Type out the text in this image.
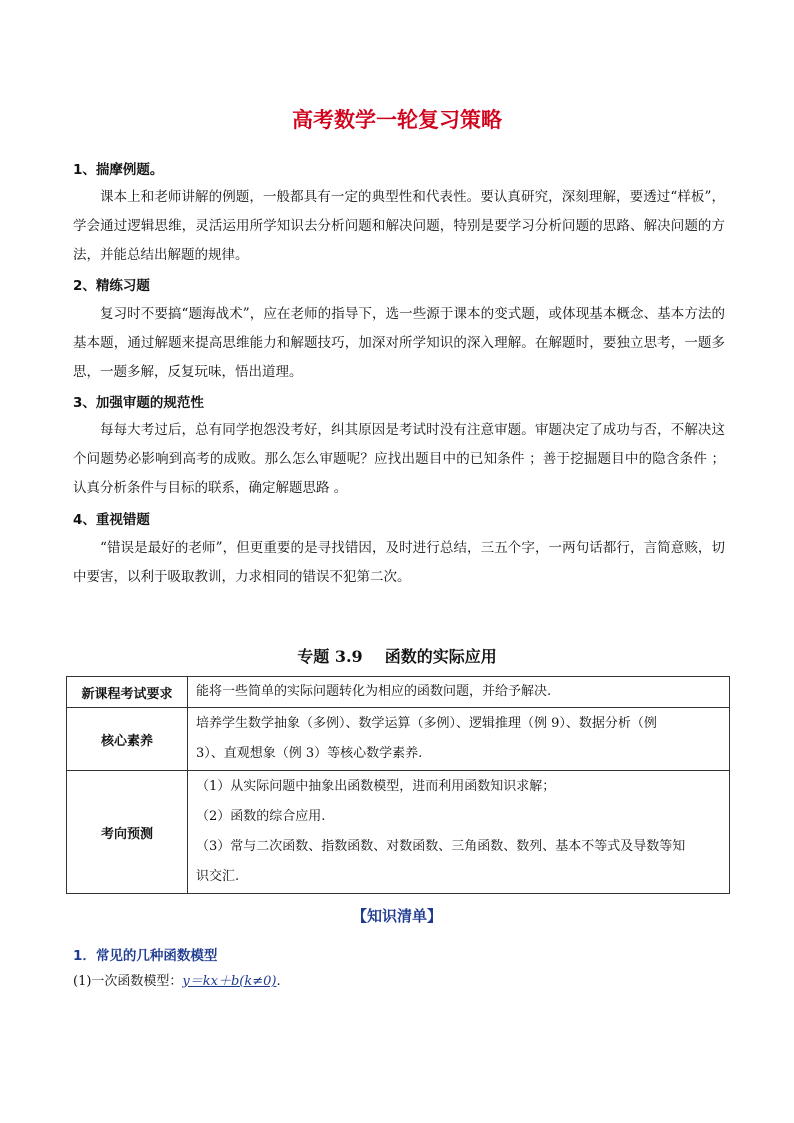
高考数学一轮复习策略
1、揣摩例题。
课本上和老师讲解的例题，一般都具有一定的典型性和代表性。要认真研究，深刻理解，要透过“样板”，学会通过逻辑思维，灵活运用所学知识去分析问题和解决问题，特别是要学习分析问题的思路、解决问题的方法，并能总结出解题的规律。
2、精练习题
复习时不要搞“题海战术”，应在老师的指导下，选一些源于课本的变式题，或体现基本概念、基本方法的基本题，通过解题来提高思维能力和解题技巧，加深对所学知识的深入理解。在解题时，要独立思考，一题多思，一题多解，反复玩味，悟出道理。
3、加强审题的规范性
每每大考过后，总有同学抱怨没考好，纠其原因是考试时没有注意审题。审题决定了成功与否，不解决这个问题势必影响到高考的成败。那么怎么审题呢？应找出题目中的已知条件 ；善于挖掘题目中的隐含条件 ；认真分析条件与目标的联系，确定解题思路 。
4、重视错题
“错误是最好的老师”，但更重要的是寻找错因，及时进行总结，三五个字，一两句话都行，言简意赅，切中要害，以利于吸取教训，力求相同的错误不犯第二次。
专题 3.9 函数的实际应用
新课程考试要求	能将一些简单的实际问题转化为相应的函数问题，并给予解决.

核心素养	培养学生数学抽象（多例）、数学运算（多例）、逻辑推理（例 9）、数据分析（例
3）、直观想象（例 3）等核心数学素养.

考向预测	（1）从实际问题中抽象出函数模型，进而利用函数知识求解；
（2）函数的综合应用.
（3）常与二次函数、指数函数、对数函数、三角函数、数列、基本不等式及导数等知
识交汇.
【知识清单】
1．常见的几种函数模型
(1)一次函数模型：y＝kx＋b(k≠0).
